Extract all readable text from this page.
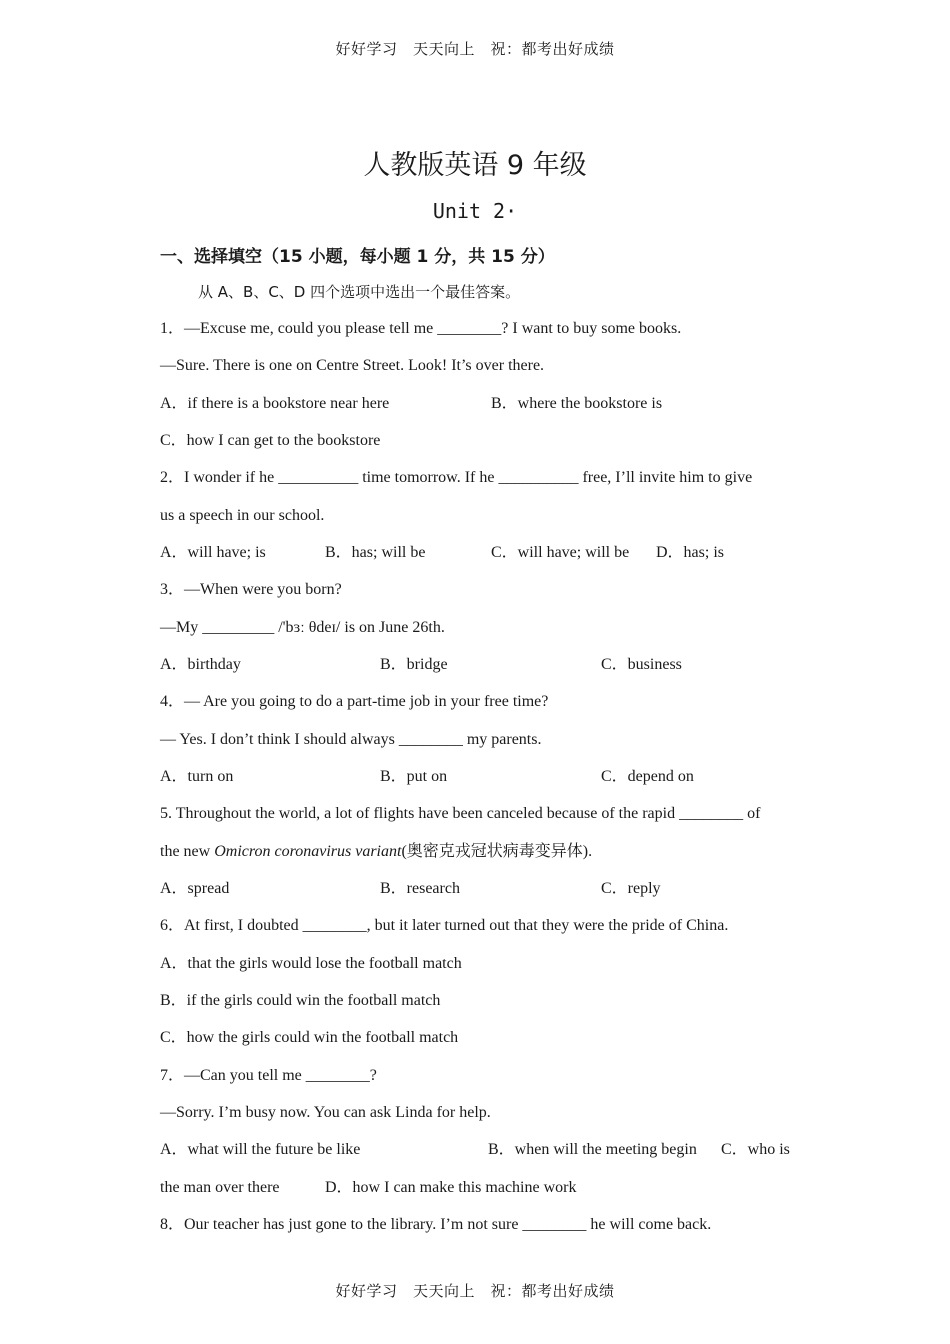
好好学习　天天向上　祝：都考出好成绩
人教版英语 9 年级
Unit 2·
一、选择填空（15 小题，每小题 1 分，共 15 分）
从 A、B、C、D 四个选项中选出一个最佳答案。
1．—Excuse me, could you please tell me ________? I want to buy some books.
—Sure. There is one on Centre Street. Look! It’s over there.
A．if there is a bookstore near here	B．where the bookstore is
C．how I can get to the bookstore
2．I wonder if he __________ time tomorrow. If he __________ free, I’ll invite him to give
us a speech in our school.
A．will have; is	B．has; will be	C．will have; will be D．has; is
3．—When were you born?
—My _________ /'bɜː θdeɪ/ is on June 26th.
A．birthday	B．bridge	C．business
4．— Are you going to do a part-time job in your free time?
— Yes. I don’t think I should always ________ my parents.
A．turn on	B．put on	C．depend on
5. Throughout the world, a lot of flights have been canceled because of the rapid ________ of
the new Omicron coronavirus variant(奥密克戎冠状病毒变异体).
A．spread	B．research	C．reply
6．At first, I doubted ________, but it later turned out that they were the pride of China.
A．that the girls would lose the football match
B．if the girls could win the football match
C．how the girls could win the football match
7．—Can you tell me ________?
—Sorry. I’m busy now. You can ask Linda for help.
A．what will the future be like	B．when will the meeting begin C．who is
the man over there	D．how I can make this machine work
8．Our teacher has just gone to the library. I’m not sure ________ he will come back.
好好学习　天天向上　祝：都考出好成绩
